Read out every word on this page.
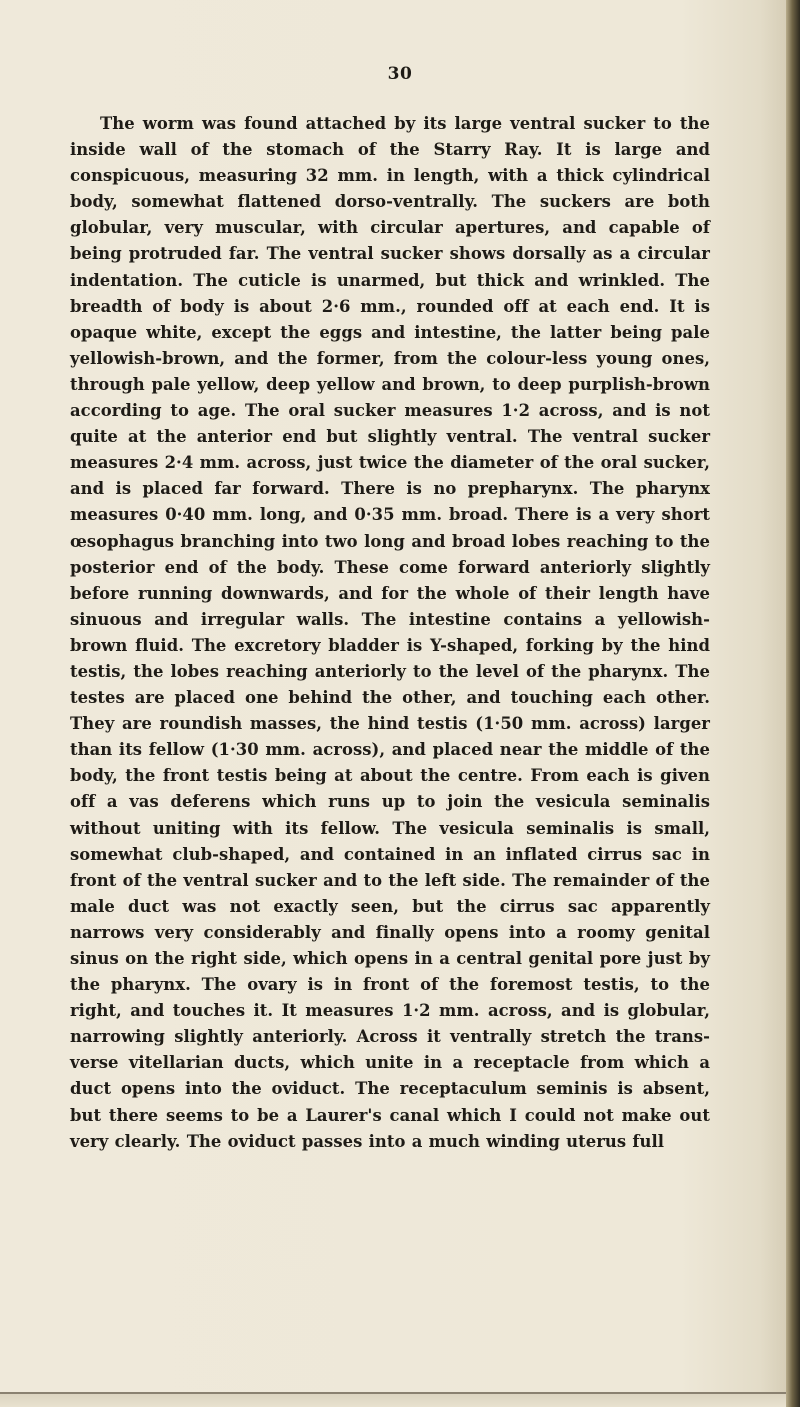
30

The worm was found attached by its large ventral sucker to the inside wall of the stomach of the Starry Ray. It is large and conspicuous, measuring 32 mm. in length, with a thick cylindrical body, somewhat flattened dorso-ventrally. The suckers are both globular, very muscular, with circular apertures, and capable of being protruded far. The ventral sucker shows dorsally as a circular indentation. The cuticle is unarmed, but thick and wrinkled. The breadth of body is about 2·6 mm., rounded off at each end. It is opaque white, except the eggs and intestine, the latter being pale yellowish-brown, and the former, from the colour-less young ones, through pale yellow, deep yellow and brown, to deep purplish-brown according to age. The oral sucker measures 1·2 across, and is not quite at the anterior end but slightly ventral. The ventral sucker measures 2·4 mm. across, just twice the diameter of the oral sucker, and is placed far forward. There is no prepharynx. The pharynx measures 0·40 mm. long, and 0·35 mm. broad. There is a very short œsophagus branching into two long and broad lobes reaching to the posterior end of the body. These come forward anteriorly slightly before running downwards, and for the whole of their length have sinuous and irregular walls. The intestine contains a yellowish-brown fluid. The excretory bladder is Y-shaped, forking by the hind testis, the lobes reaching anteriorly to the level of the pharynx. The testes are placed one behind the other, and touching each other. They are roundish masses, the hind testis (1·50 mm. across) larger than its fellow (1·30 mm. across), and placed near the middle of the body, the front testis being at about the centre. From each is given off a vas deferens which runs up to join the vesicula seminalis without uniting with its fellow. The vesicula seminalis is small, somewhat club-shaped, and contained in an inflated cirrus sac in front of the ventral sucker and to the left side. The remainder of the male duct was not exactly seen, but the cirrus sac apparently narrows very considerably and finally opens into a roomy genital sinus on the right side, which opens in a central genital pore just by the pharynx. The ovary is in front of the foremost testis, to the right, and touches it. It measures 1·2 mm. across, and is globular, narrowing slightly anteriorly. Across it ventrally stretch the trans-verse vitellarian ducts, which unite in a receptacle from which a duct opens into the oviduct. The receptaculum seminis is absent, but there seems to be a Laurer's canal which I could not make out very clearly. The oviduct passes into a much winding uterus full
